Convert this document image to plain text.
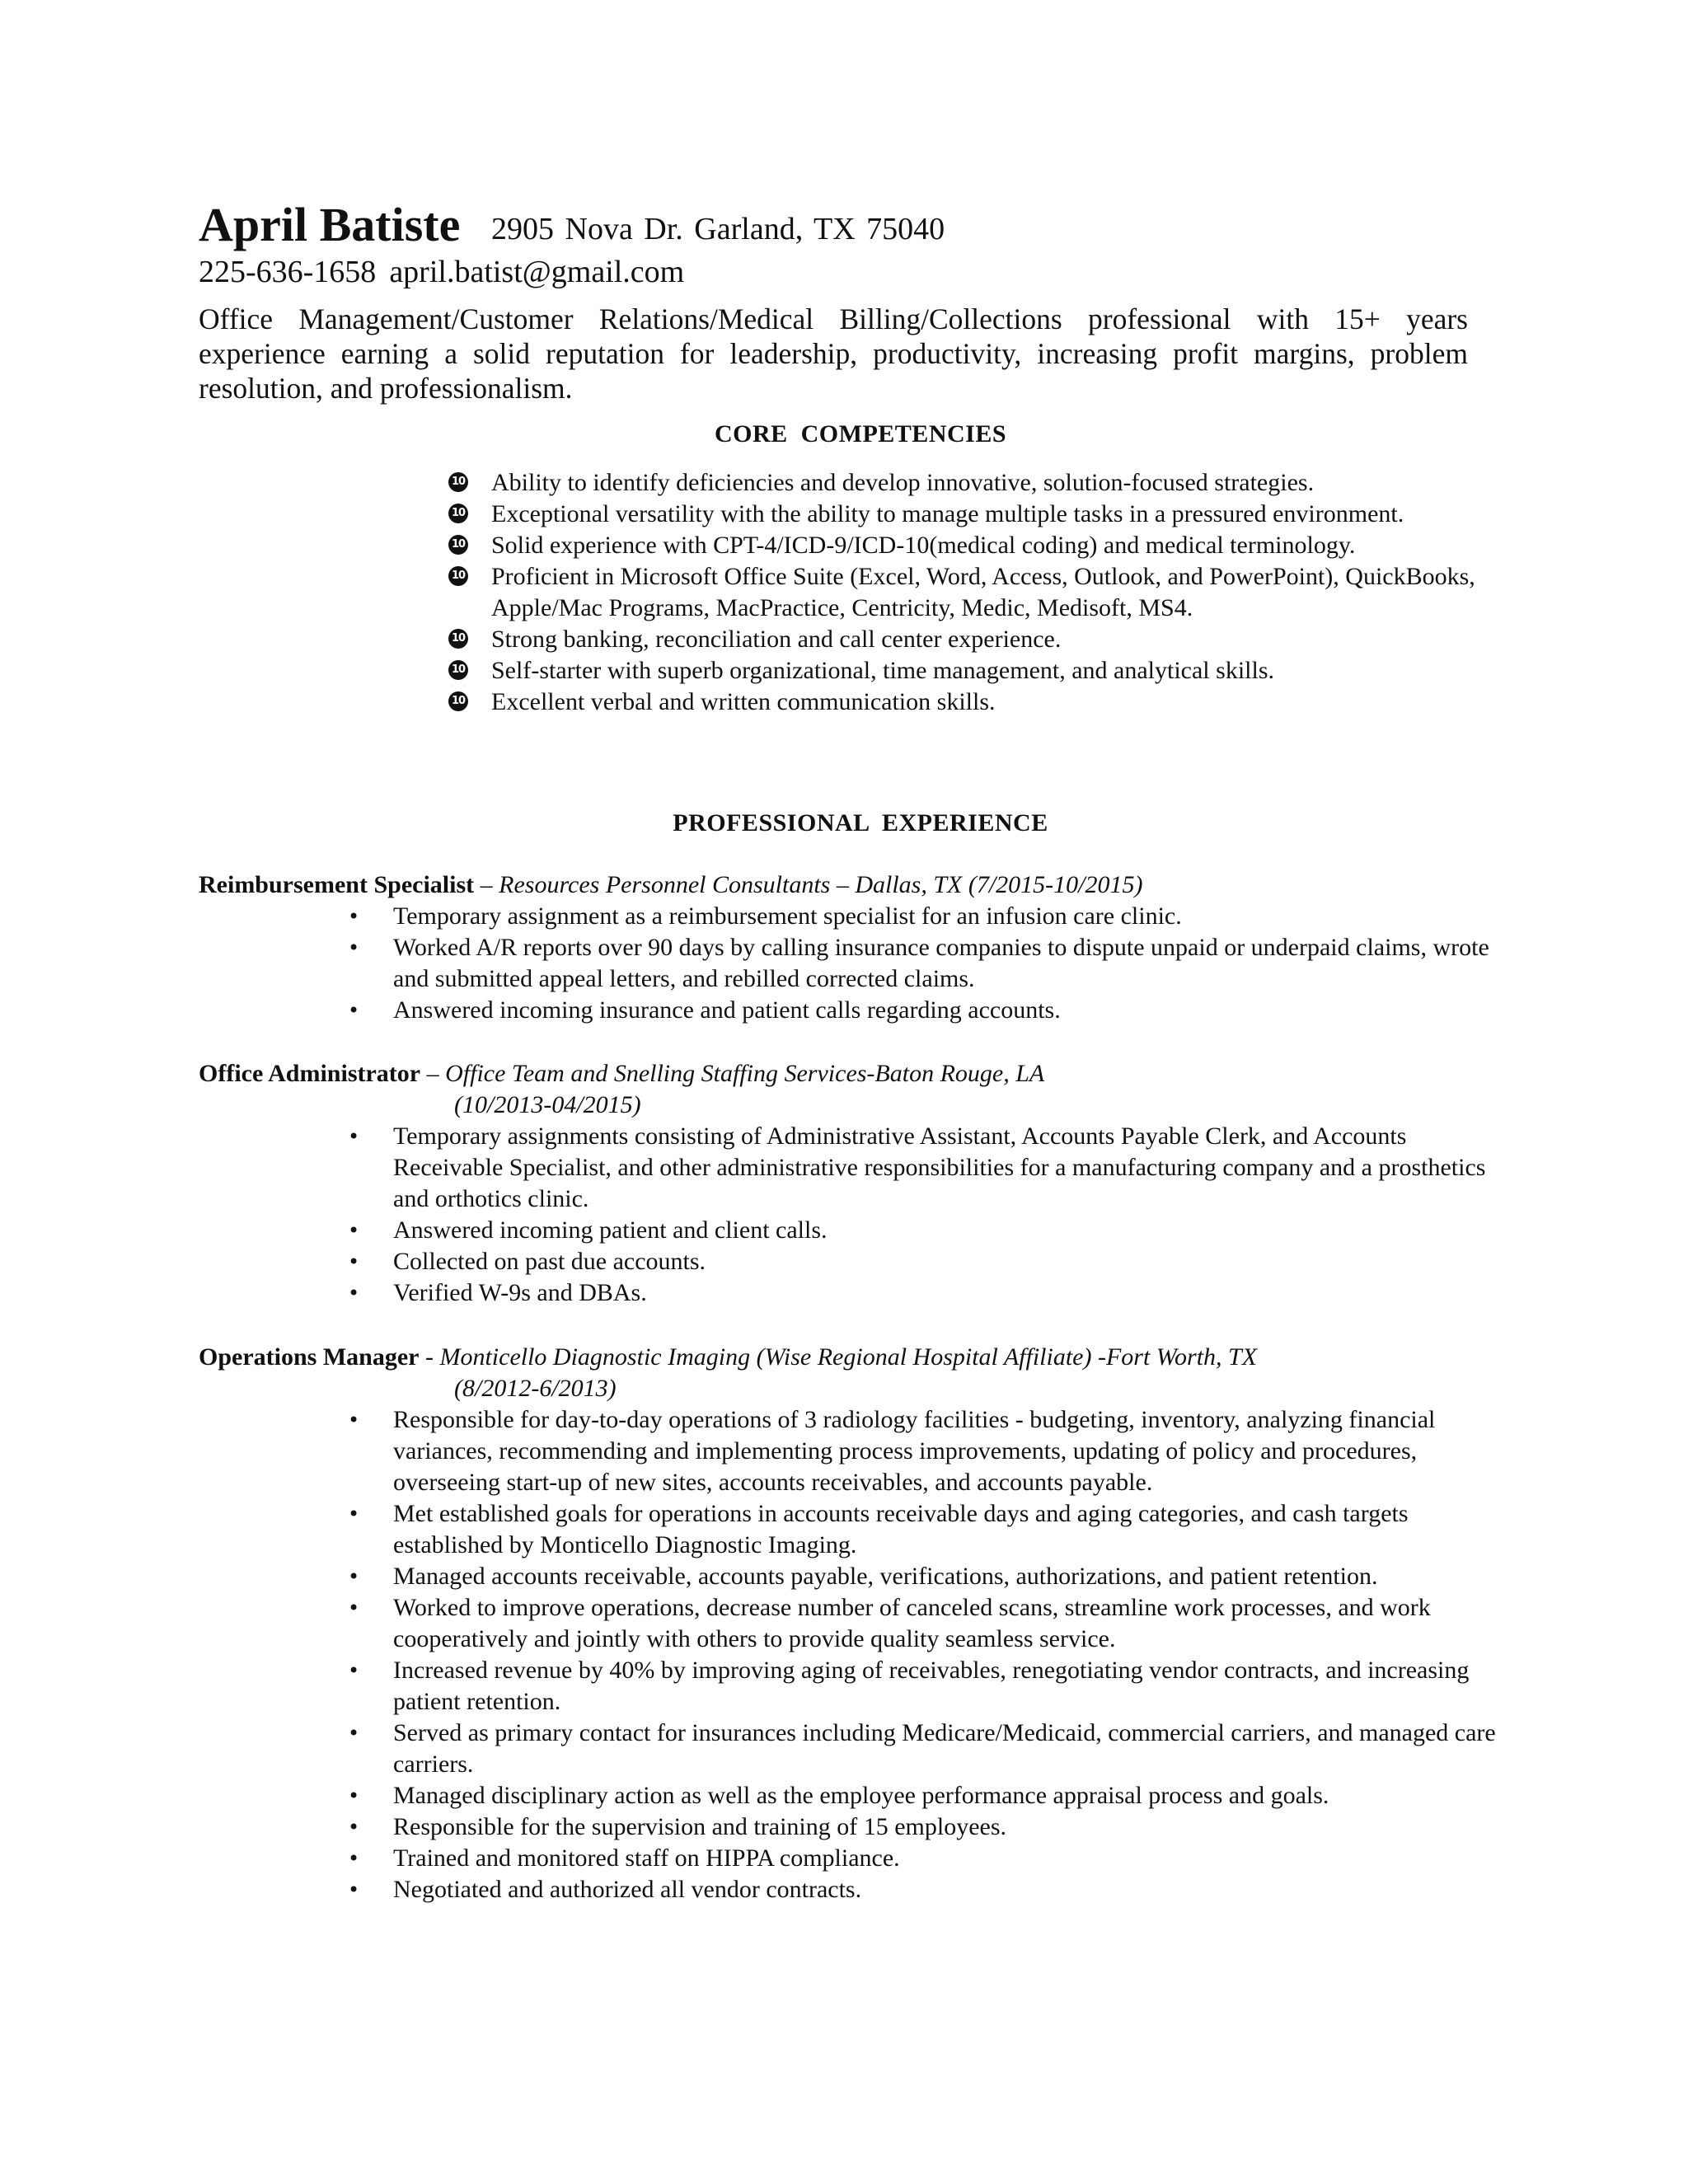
April Batiste 2905 Nova Dr. Garland, TX 75040
225-636-1658 april.batist@gmail.com
Office Management/Customer Relations/Medical Billing/Collections professional with 15+ years experience earning a solid reputation for leadership, productivity, increasing profit margins, problem resolution, and professionalism.
CORE COMPETENCIES
10 Ability to identify deficiencies and develop innovative, solution-focused strategies.
10 Exceptional versatility with the ability to manage multiple tasks in a pressured environment.
10 Solid experience with CPT-4/ICD-9/ICD-10(medical coding) and medical terminology.
10 Proficient in Microsoft Office Suite (Excel, Word, Access, Outlook, and PowerPoint), QuickBooks, Apple/Mac Programs, MacPractice, Centricity, Medic, Medisoft, MS4.
10 Strong banking, reconciliation and call center experience.
10 Self-starter with superb organizational, time management, and analytical skills.
10 Excellent verbal and written communication skills.
PROFESSIONAL EXPERIENCE
Reimbursement Specialist – Resources Personnel Consultants – Dallas, TX (7/2015-10/2015)
• Temporary assignment as a reimbursement specialist for an infusion care clinic.
• Worked A/R reports over 90 days by calling insurance companies to dispute unpaid or underpaid claims, wrote and submitted appeal letters, and rebilled corrected claims.
• Answered incoming insurance and patient calls regarding accounts.
Office Administrator – Office Team and Snelling Staffing Services-Baton Rouge, LA
(10/2013-04/2015)
• Temporary assignments consisting of Administrative Assistant, Accounts Payable Clerk, and Accounts Receivable Specialist, and other administrative responsibilities for a manufacturing company and a prosthetics and orthotics clinic.
• Answered incoming patient and client calls.
• Collected on past due accounts.
• Verified W-9s and DBAs.
Operations Manager - Monticello Diagnostic Imaging (Wise Regional Hospital Affiliate) -Fort Worth, TX
(8/2012-6/2013)
• Responsible for day-to-day operations of 3 radiology facilities - budgeting, inventory, analyzing financial variances, recommending and implementing process improvements, updating of policy and procedures, overseeing start-up of new sites, accounts receivables, and accounts payable.
• Met established goals for operations in accounts receivable days and aging categories, and cash targets established by Monticello Diagnostic Imaging.
• Managed accounts receivable, accounts payable, verifications, authorizations, and patient retention.
• Worked to improve operations, decrease number of canceled scans, streamline work processes, and work cooperatively and jointly with others to provide quality seamless service.
• Increased revenue by 40% by improving aging of receivables, renegotiating vendor contracts, and increasing patient retention.
• Served as primary contact for insurances including Medicare/Medicaid, commercial carriers, and managed care carriers.
• Managed disciplinary action as well as the employee performance appraisal process and goals.
• Responsible for the supervision and training of 15 employees.
• Trained and monitored staff on HIPPA compliance.
• Negotiated and authorized all vendor contracts.
